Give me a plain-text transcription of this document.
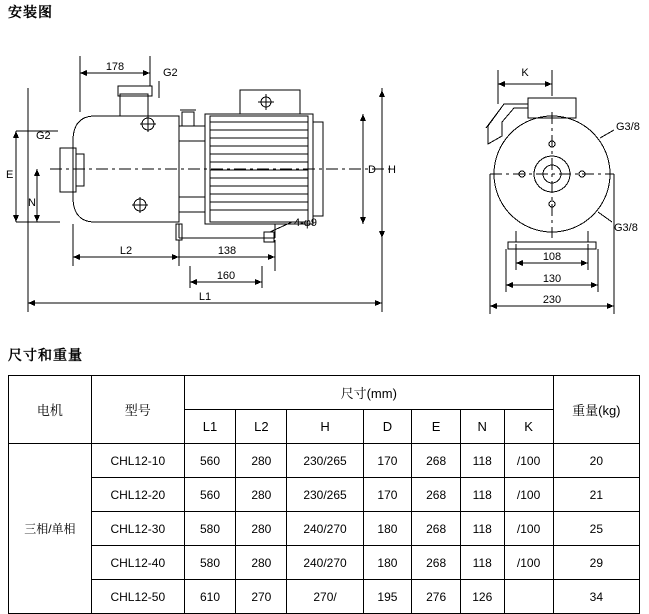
安装图
尺寸和重量
178	G2
G2
E
N
D H
L2	138
160
L1
4-φ9
K
G3/8
G3/8
108
130
230
电机	型号	尺寸(mm)							重量(kg)
		L1	L2	H	D	E	N	K	
三相/单相	CHL12-10	560	280	230/265	170	268	118	/100	20
	CHL12-20	560	280	230/265	170	268	118	/100	21
	CHL12-30	580	280	240/270	180	268	118	/100	25
	CHL12-40	580	280	240/270	180	268	118	/100	29
	CHL12-50	610	270	270/	195	276	126		34
